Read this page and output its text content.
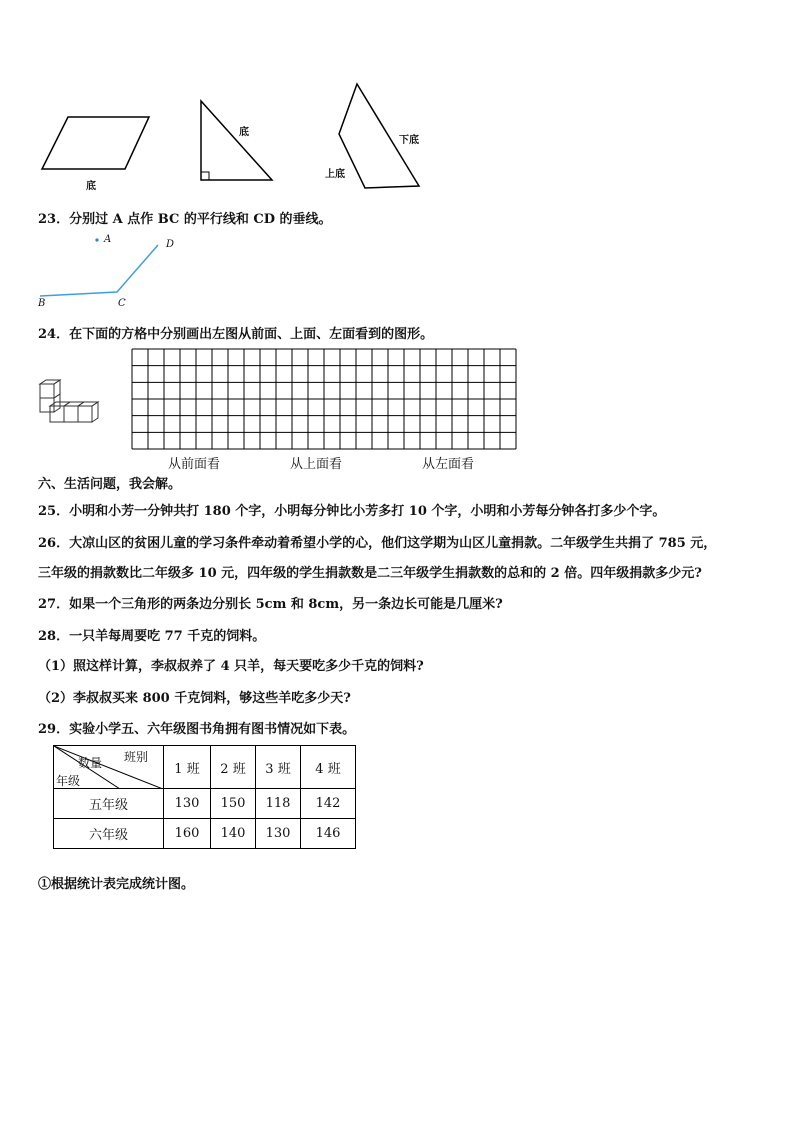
底
底
上底
下底
23．分别过 A 点作 BC 的平行线和 CD 的垂线。
A	D
B	C
24．在下面的方格中分别画出左图从前面、上面、左面看到的图形。
从前面看	从上面看	从左面看
六、生活问题，我会解。
25．小明和小芳一分钟共打 180 个字，小明每分钟比小芳多打 10 个字，小明和小芳每分钟各打多少个字。
26．大凉山区的贫困儿童的学习条件牵动着希望小学的心，他们这学期为山区儿童捐款。二年级学生共捐了 785 元，
三年级的捐款数比二年级多 10 元，四年级的学生捐款数是二三年级学生捐款数的总和的 2 倍。四年级捐款多少元?
27．如果一个三角形的两条边分别长 5cm 和 8cm，另一条边长可能是几厘米?
28．一只羊每周要吃 77 千克的饲料。
（1）照这样计算，李叔叔养了 4 只羊，每天要吃多少千克的饲料?
（2）李叔叔买来 800 千克饲料，够这些羊吃多少天?
29．实验小学五、六年级图书角拥有图书情况如下表。
班别
数量
年级	1 班	2 班	3 班	4 班
五年级	130	150	118	142
六年级	160	140	130	146
①根据统计表完成统计图。
